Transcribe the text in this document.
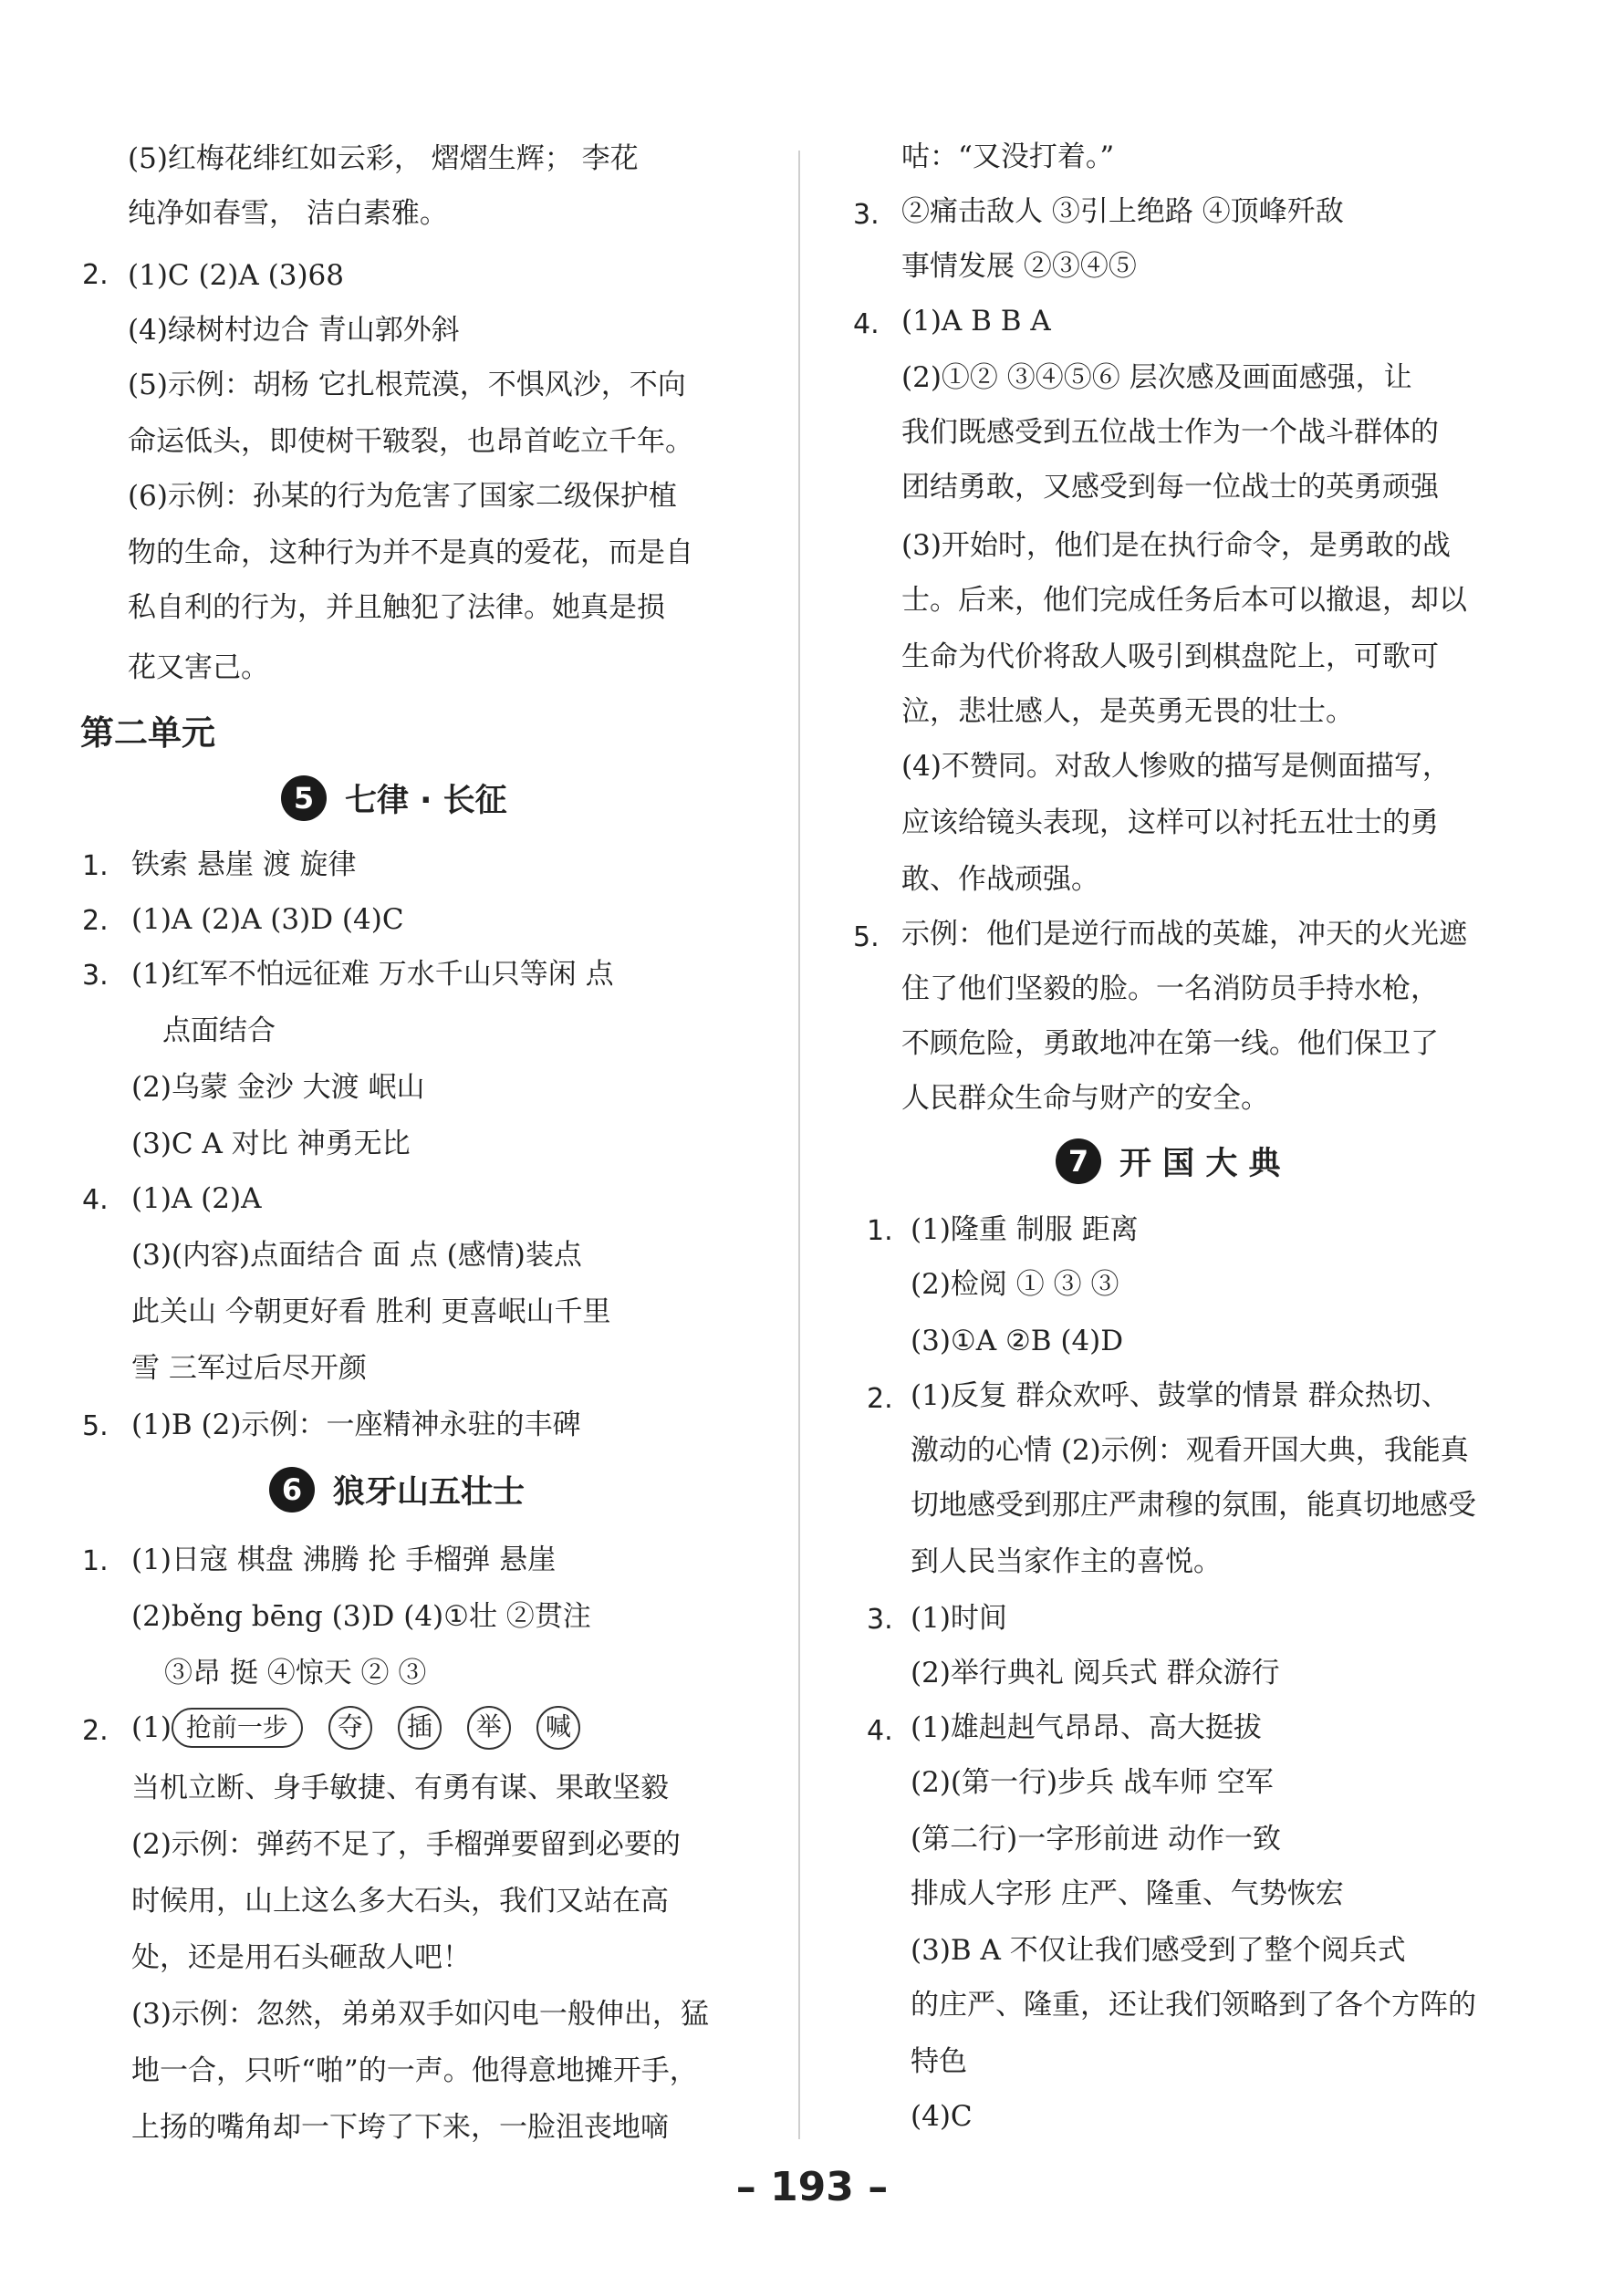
(5)红梅花绯红如云彩， 熠熠生辉； 李花
纯净如春雪， 洁白素雅。
2. (1)C (2)A (3)68
(4)绿树村边合 青山郭外斜
(5)示例：胡杨 它扎根荒漠，不惧风沙，不向
命运低头，即使树干皲裂，也昂首屹立千年。
(6)示例：孙某的行为危害了国家二级保护植
物的生命，这种行为并不是真的爱花，而是自
私自利的行为，并且触犯了法律。她真是损
花又害己。
第二单元
5 七律 · 长征
1. 铁索 悬崖 渡 旋律
2. (1)A (2)A (3)D (4)C
3. (1)红军不怕远征难 万水千山只等闲 点
点面结合
(2)乌蒙 金沙 大渡 岷山
(3)C A 对比 神勇无比
4. (1)A (2)A
(3)(内容)点面结合 面 点 (感情)装点
此关山 今朝更好看 胜利 更喜岷山千里
雪 三军过后尽开颜
5. (1)B (2)示例：一座精神永驻的丰碑
6 狼牙山五壮士
1. (1)日寇 棋盘 沸腾 抡 手榴弹 悬崖
(2)běng bēng (3)D (4)①壮 ②贯注
③昂 挺 ④惊天 ② ③
2. (1) 抢前一步	夺	插	举	喊
当机立断、身手敏捷、有勇有谋、果敢坚毅
(2)示例：弹药不足了，手榴弹要留到必要的
时候用，山上这么多大石头，我们又站在高
处，还是用石头砸敌人吧！
(3)示例：忽然，弟弟双手如闪电一般伸出，猛
地一合，只听“啪”的一声。他得意地摊开手，
上扬的嘴角却一下垮了下来，一脸沮丧地嘀
咕：“又没打着。”
3. ②痛击敌人 ③引上绝路 ④顶峰歼敌
事情发展 ②③④⑤
4. (1)A B B A
(2)①② ③④⑤⑥ 层次感及画面感强，让
我们既感受到五位战士作为一个战斗群体的
团结勇敢，又感受到每一位战士的英勇顽强
(3)开始时，他们是在执行命令，是勇敢的战
士。后来，他们完成任务后本可以撤退，却以
生命为代价将敌人吸引到棋盘陀上，可歌可
泣，悲壮感人，是英勇无畏的壮士。
(4)不赞同。对敌人惨败的描写是侧面描写，
应该给镜头表现，这样可以衬托五壮士的勇
敢、作战顽强。
5. 示例：他们是逆行而战的英雄，冲天的火光遮
住了他们坚毅的脸。一名消防员手持水枪，
不顾危险，勇敢地冲在第一线。他们保卫了
人民群众生命与财产的安全。
7 开 国 大 典
1. (1)隆重 制服 距离
(2)检阅 ① ③ ③
(3)①A ②B (4)D
2. (1)反复 群众欢呼、鼓掌的情景 群众热切、
激动的心情 (2)示例：观看开国大典，我能真
切地感受到那庄严肃穆的氛围，能真切地感受
到人民当家作主的喜悦。
3. (1)时间
(2)举行典礼 阅兵式 群众游行
4. (1)雄赳赳气昂昂、高大挺拔
(2)(第一行)步兵 战车师 空军
(第二行)一字形前进 动作一致
排成人字形 庄严、隆重、气势恢宏
(3)B A 不仅让我们感受到了整个阅兵式
的庄严、隆重，还让我们领略到了各个方阵的
特色
(4)C
– 193 –
